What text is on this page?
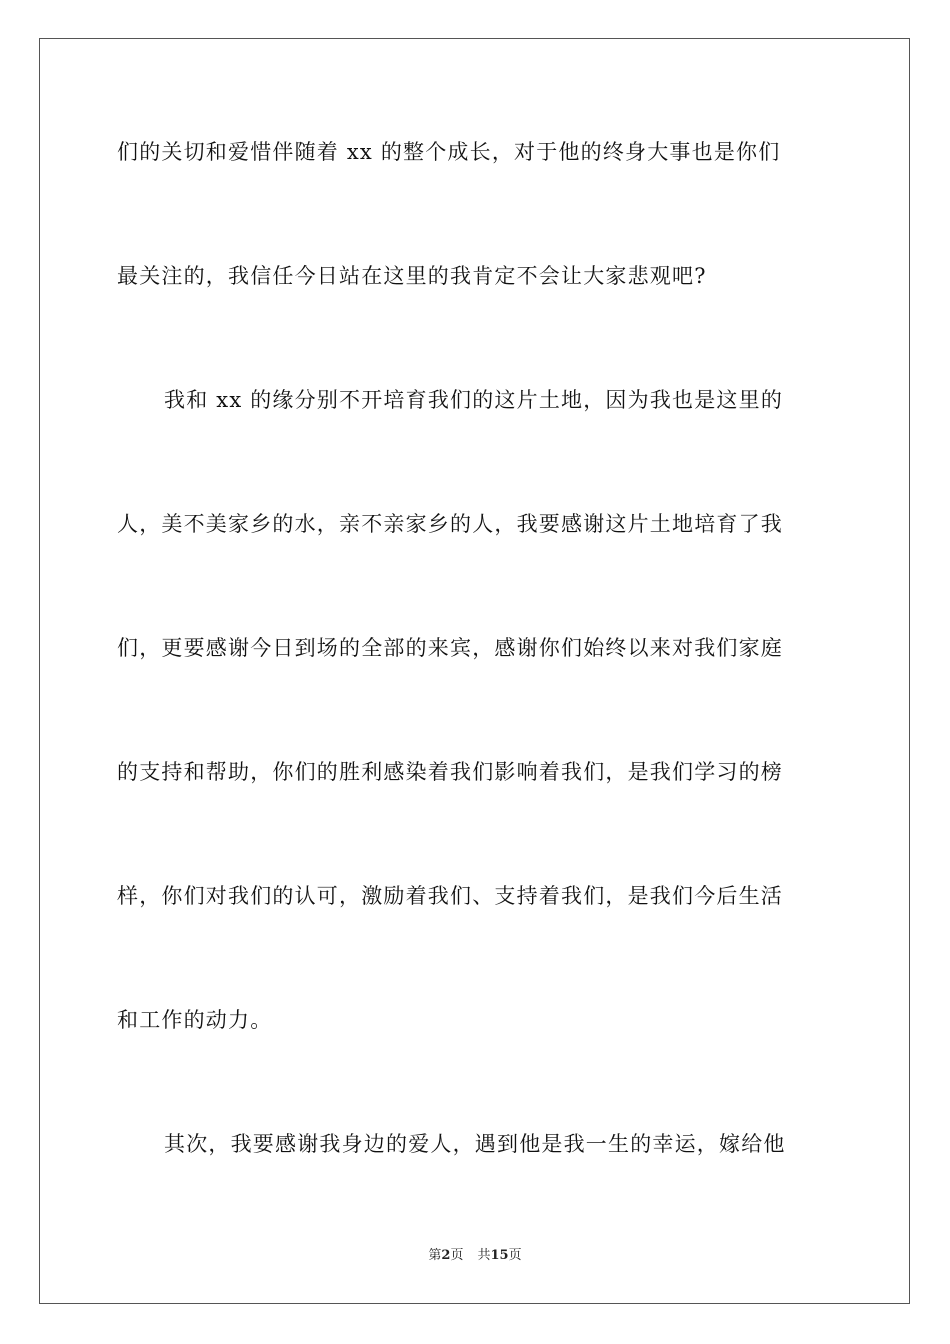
们的关切和爱惜伴随着 xx 的整个成长，对于他的终身大事也是你们
最关注的，我信任今日站在这里的我肯定不会让大家悲观吧?
我和 xx 的缘分别不开培育我们的这片土地，因为我也是这里的
人，美不美家乡的水，亲不亲家乡的人，我要感谢这片土地培育了我
们，更要感谢今日到场的全部的来宾，感谢你们始终以来对我们家庭
的支持和帮助，你们的胜利感染着我们影响着我们，是我们学习的榜
样，你们对我们的认可，激励着我们、支持着我们，是我们今后生活
和工作的动力。
其次，我要感谢我身边的爱人，遇到他是我一生的幸运，嫁给他
第2页 共15页
